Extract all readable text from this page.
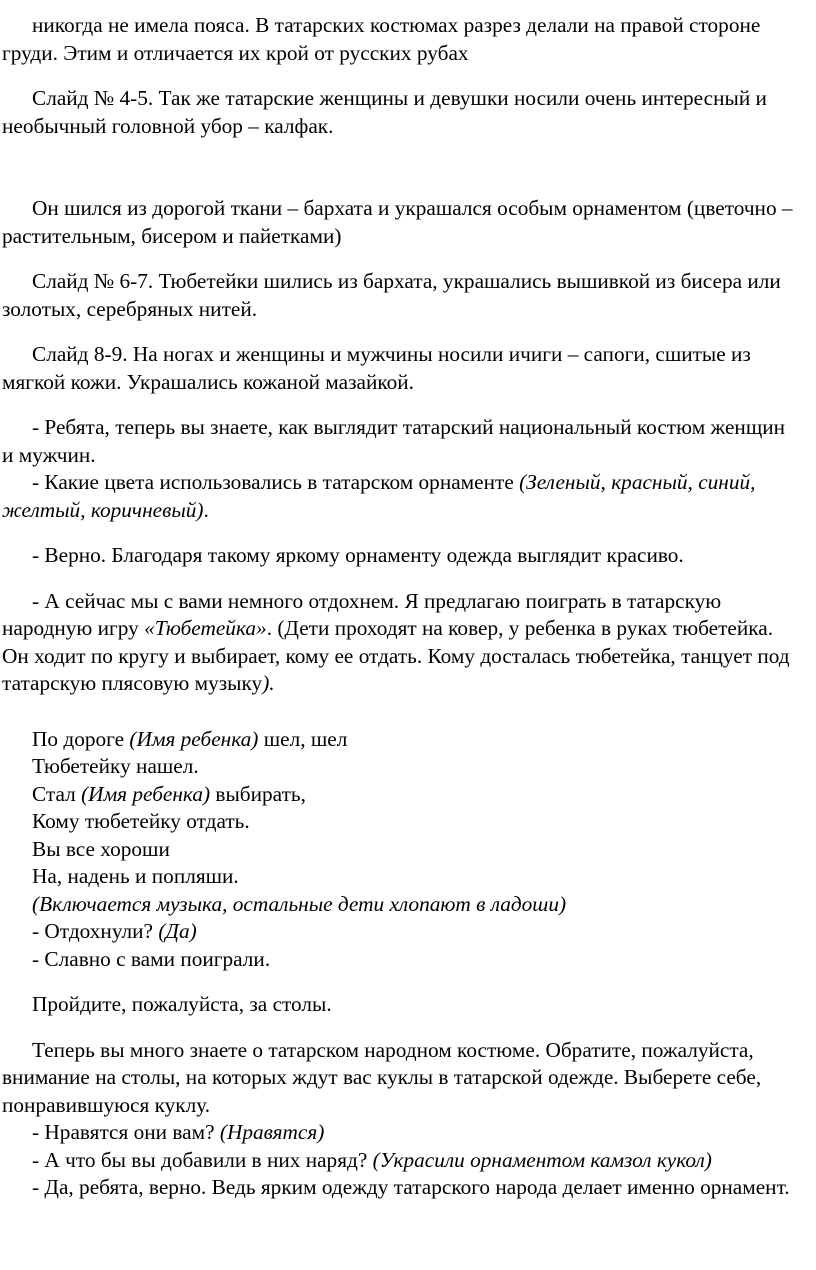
никогда не имела пояса. В татарских костюмах разрез делали на правой стороне груди. Этим и отличается их крой от русских рубах

Слайд № 4-5. Так же татарские женщины и девушки носили очень интересный и необычный головной убор – калфак.

Он шился из дорогой ткани – бархата и украшался особым орнаментом (цветочно – растительным, бисером и пайетками)

Слайд № 6-7. Тюбетейки шились из бархата, украшались вышивкой из бисера или золотых, серебряных нитей.

Слайд 8-9. На ногах и женщины и мужчины носили ичиги – сапоги, сшитые из мягкой кожи. Украшались кожаной мазайкой.

- Ребята, теперь вы знаете, как выглядит татарский национальный костюм женщин и мужчин.

- Какие цвета использовались в татарском орнаменте (Зеленый, красный, синий, желтый, коричневый).

- Верно. Благодаря такому яркому орнаменту одежда выглядит красиво.

- А сейчас мы с вами немного отдохнем. Я предлагаю поиграть в татарскую народную игру «Тюбетейка». (Дети проходят на ковер, у ребенка в руках тюбетейка. Он ходит по кругу и выбирает, кому ее отдать. Кому досталась тюбетейка, танцует под татарскую плясовую музыку).

По дороге (Имя ребенка) шел, шел

Тюбетейку нашел.

Стал (Имя ребенка) выбирать,

Кому тюбетейку отдать.

Вы все хороши

На, надень и попляши.

(Включается музыка, остальные дети хлопают в ладоши)

- Отдохнули? (Да)

- Славно с вами поиграли.

Пройдите, пожалуйста, за столы.

Теперь вы много знаете о татарском народном костюме. Обратите, пожалуйста, внимание на столы, на которых ждут вас куклы в татарской одежде. Выберете себе, понравившуюся куклу.

- Нравятся они вам? (Нравятся)

- А что бы вы добавили в них наряд? (Украсили орнаментом камзол кукол)

- Да, ребята, верно. Ведь ярким одежду татарского народа делает именно орнамент.
